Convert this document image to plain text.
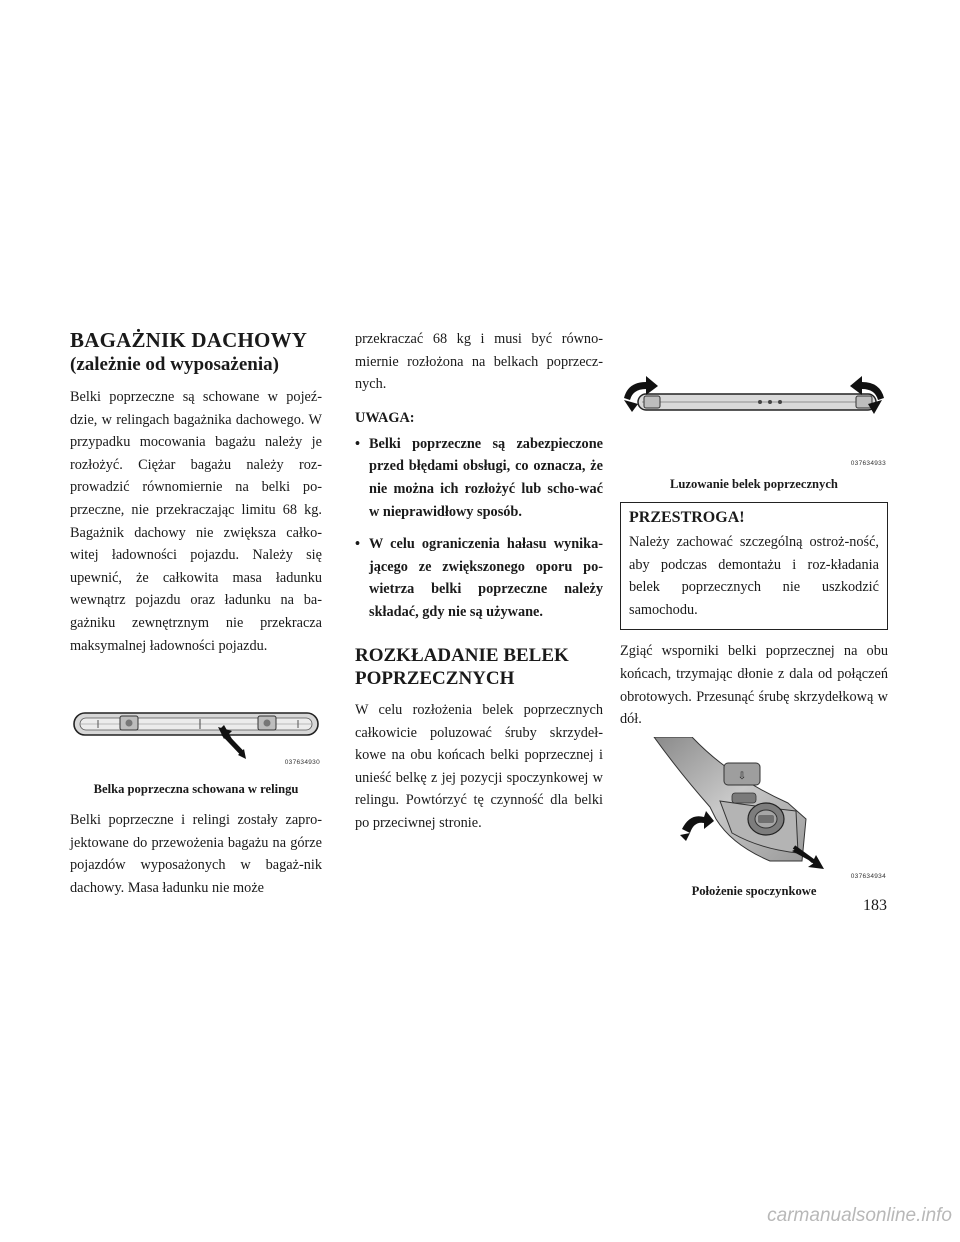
BAGAŻNIK DACHOWY
(zależnie od wyposażenia)

Belki poprzeczne są schowane w pojeź-dzie, w relingach bagażnika dachowego. W przypadku mocowania bagażu należy je rozłożyć. Ciężar bagażu należy roz-prowadzić równomiernie na belki po-przeczne, nie przekraczając limitu 68 kg. Bagażnik dachowy nie zwiększa całko-witej ładowności pojazdu. Należy się upewnić, że całkowita masa ładunku wewnątrz pojazdu oraz ładunku na ba-gażniku zewnętrznym nie przekracza maksymalnej ładowności pojazdu.

037634930
Belka poprzeczna schowana w relingu

Belki poprzeczne i relingi zostały zapro-jektowane do przewożenia bagażu na górze pojazdów wyposażonych w bagaż-nik dachowy. Masa ładunku nie może

przekraczać 68 kg i musi być równo-miernie rozłożona na belkach poprzecz-nych.

UWAGA:
• Belki poprzeczne są zabezpieczone przed błędami obsługi, co oznacza, że nie można ich rozłożyć lub scho-wać w nieprawidłowy sposób.
• W celu ograniczenia hałasu wynika-jącego ze zwiększonego oporu po-wietrza belki poprzeczne należy składać, gdy nie są używane.
ROZKŁADANIE BELEK
POPRZECZNYCH

W celu rozłożenia belek poprzecznych całkowicie poluzować śruby skrzydeł-kowe na obu końcach belki poprzecznej i unieść belkę z jej pozycji spoczynkowej w relingu. Powtórzyć tę czynność dla belki po przeciwnej stronie.

037634933
Luzowanie belek poprzecznych
PRZESTROGA!

Należy zachować szczególną ostroż-ność, aby podczas demontażu i roz-kładania belek poprzecznych nie uszkodzić samochodu.

Zgiąć wsporniki belki poprzecznej na obu końcach, trzymając dłonie z dala od połączeń obrotowych. Przesunąć śrubę skrzydełkową w dół.

⇩
037634934
Położenie spoczynkowe
183
carmanualsonline.info
